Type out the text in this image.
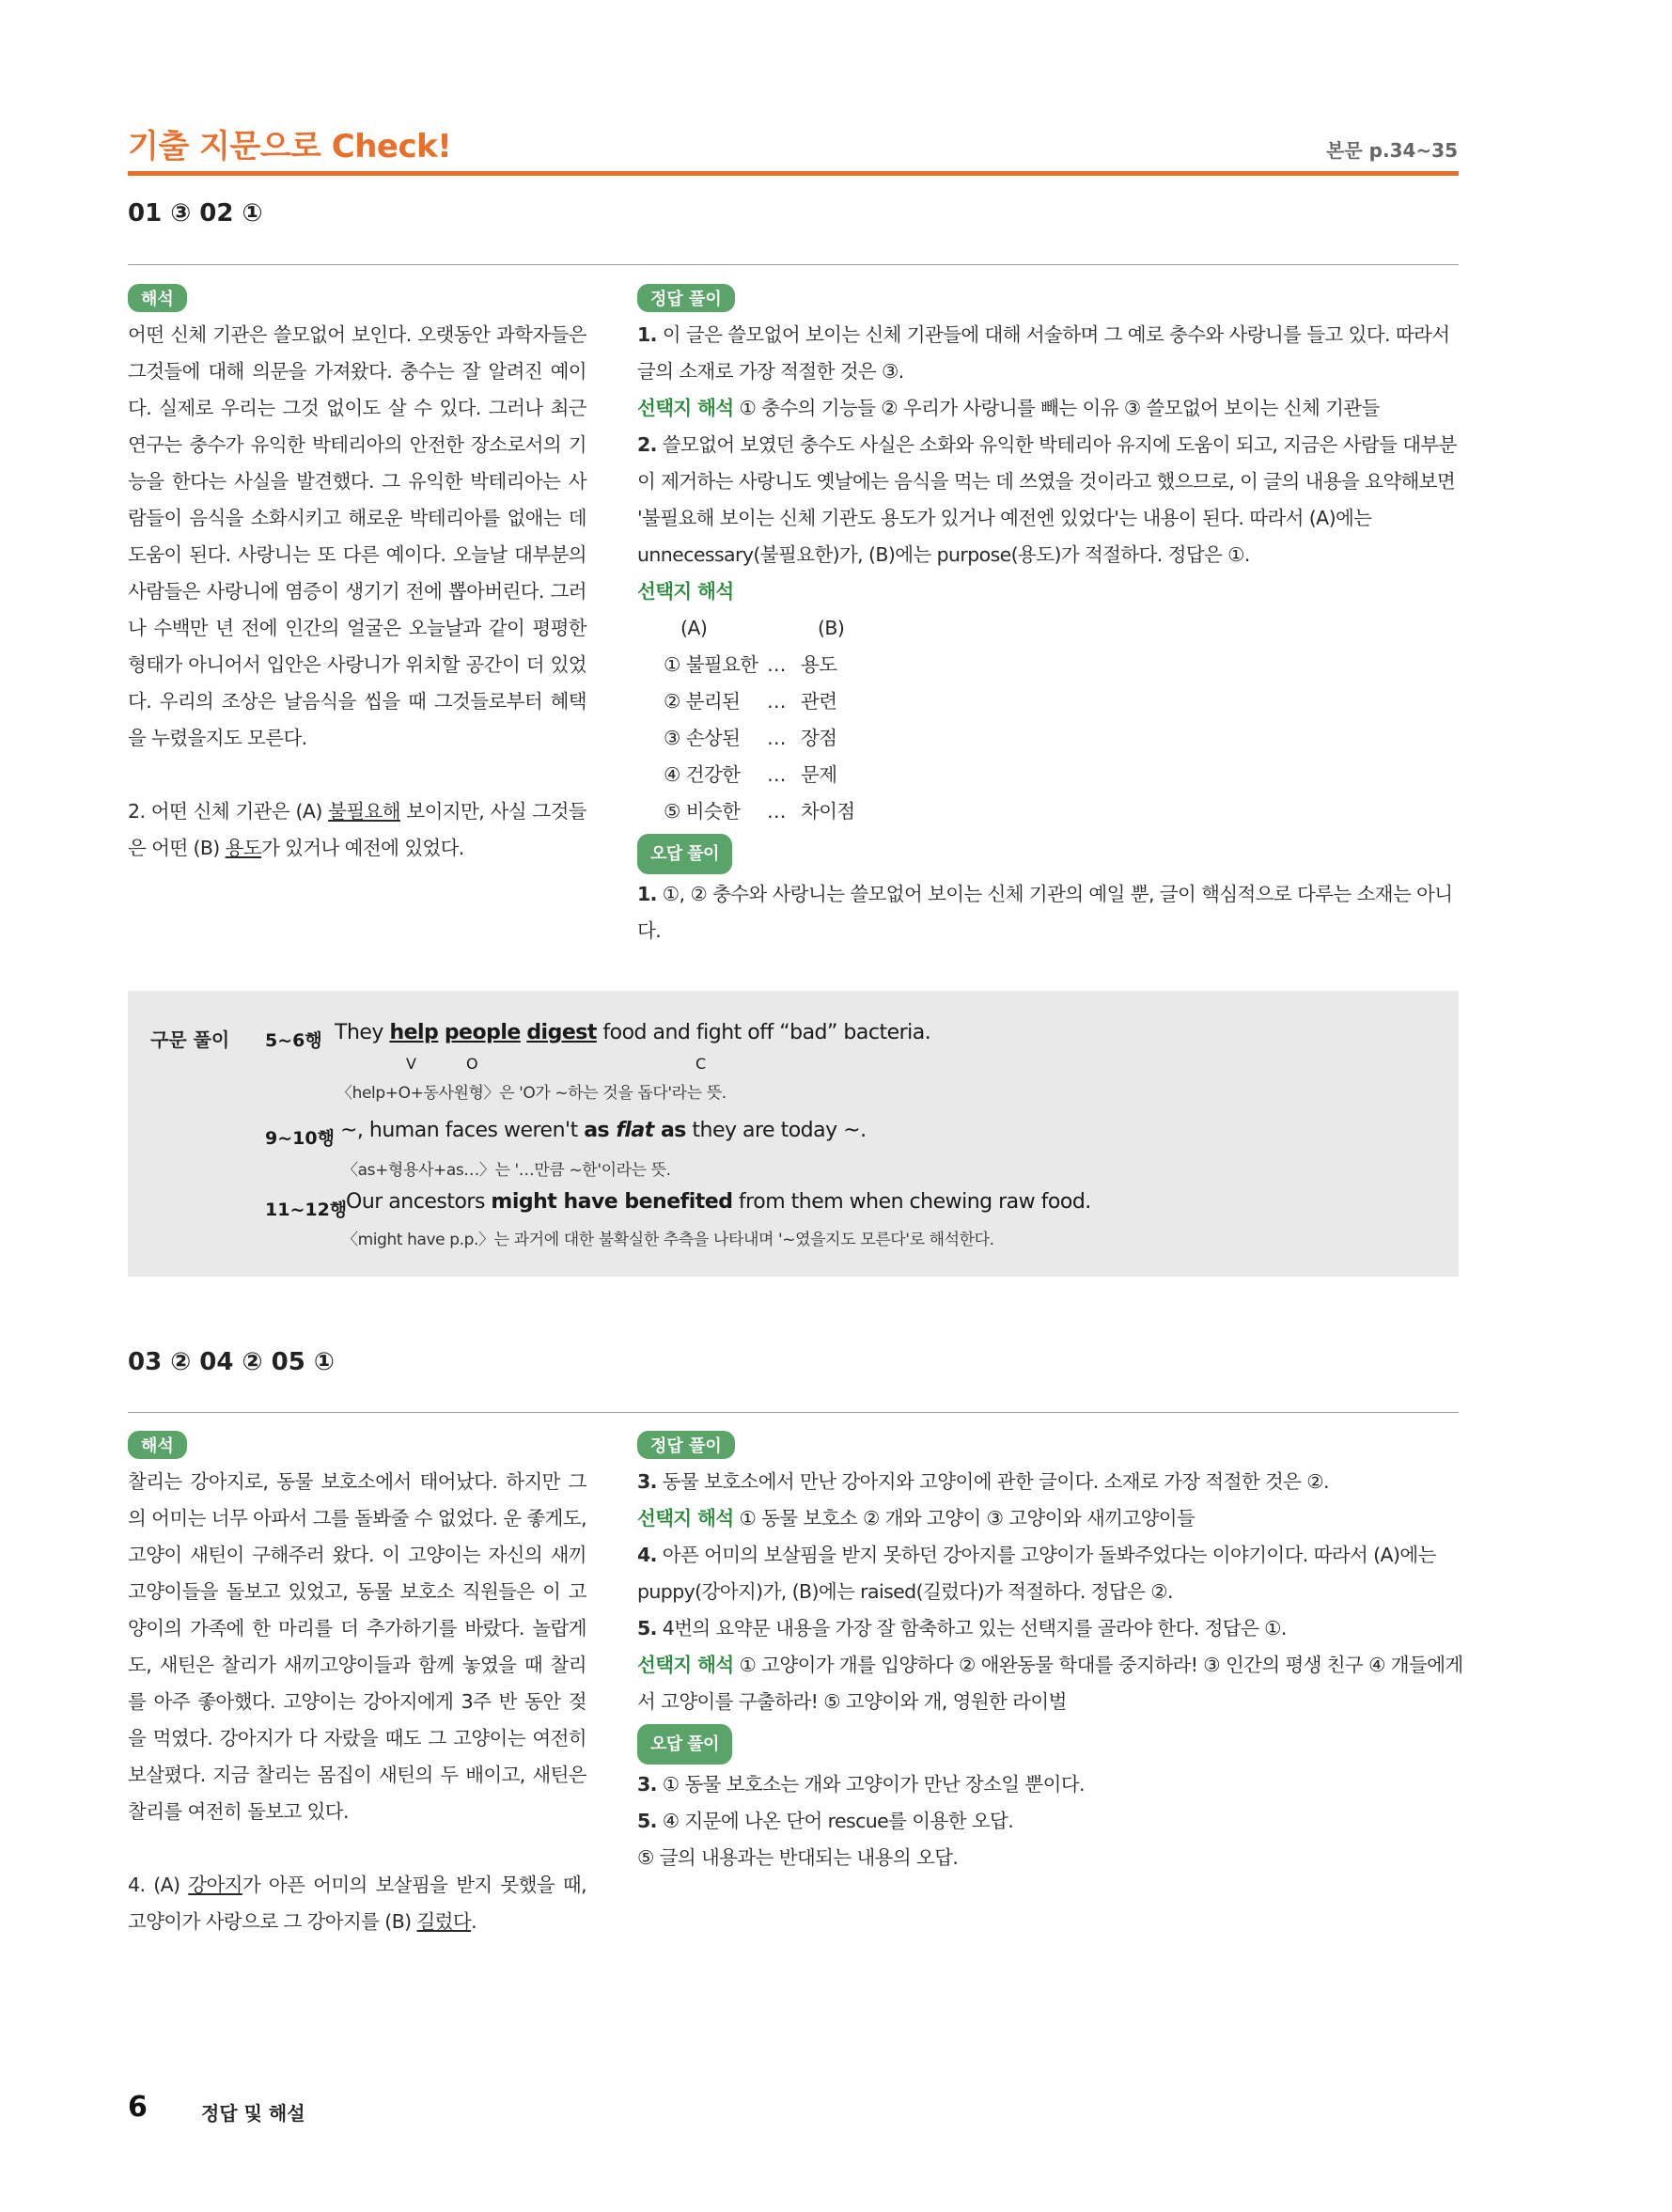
기출 지문으로 Check!	본문 p.34~35
01 ③ 02 ①
해석

어떤 신체 기관은 쓸모없어 보인다. 오랫동안 과학자들은 그것들에 대해 의문을 가져왔다. 충수는 잘 알려진 예이다. 실제로 우리는 그것 없이도 살 수 있다. 그러나 최근 연구는 충수가 유익한 박테리아의 안전한 장소로서의 기능을 한다는 사실을 발견했다. 그 유익한 박테리아는 사람들이 음식을 소화시키고 해로운 박테리아를 없애는 데 도움이 된다. 사랑니는 또 다른 예이다. 오늘날 대부분의 사람들은 사랑니에 염증이 생기기 전에 뽑아버린다. 그러나 수백만 년 전에 인간의 얼굴은 오늘날과 같이 평평한 형태가 아니어서 입안은 사랑니가 위치할 공간이 더 있었다. 우리의 조상은 날음식을 씹을 때 그것들로부터 혜택을 누렸을지도 모른다.

2. 어떤 신체 기관은 (A) 불필요해 보이지만, 사실 그것들은 어떤 (B) 용도가 있거나 예전에 있었다.

정답 풀이

1. 이 글은 쓸모없어 보이는 신체 기관들에 대해 서술하며 그 예로 충수와 사랑니를 들고 있다. 따라서 글의 소재로 가장 적절한 것은 ③.

선택지 해석 ① 충수의 기능들 ② 우리가 사랑니를 빼는 이유 ③ 쓸모없어 보이는 신체 기관들

2. 쓸모없어 보였던 충수도 사실은 소화와 유익한 박테리아 유지에 도움이 되고, 지금은 사람들 대부분이 제거하는 사랑니도 옛날에는 음식을 먹는 데 쓰였을 것이라고 했으므로, 이 글의 내용을 요약해보면 '불필요해 보이는 신체 기관도 용도가 있거나 예전엔 있었다'는 내용이 된다. 따라서 (A)에는 unnecessary(불필요한)가, (B)에는 purpose(용도)가 적절하다. 정답은 ①.

선택지 해석

(A)	(B)
① 불필요한 … 용도
② 분리된	… 관련
③ 손상된	… 장점
④ 건강한	… 문제
⑤ 비슷한	… 차이점
오답 풀이

1. ①, ② 충수와 사랑니는 쓸모없어 보이는 신체 기관의 예일 뿐, 글이 핵심적으로 다루는 소재는 아니다.

구문 풀이 5~6행 They help people digest food and fight off “bad” bacteria.
V	O	C
〈help+O+동사원형〉은 'O가 ~하는 것을 돕다'라는 뜻.
9~10행 ~, human faces weren't as flat as they are today ~.
〈as+형용사+as…〉는 '…만큼 ~한'이라는 뜻.
11~12행
Our ancestors might have benefited from them when chewing raw food.
〈might have p.p.〉는 과거에 대한 불확실한 추측을 나타내며 '~였을지도 모른다'로 해석한다.
03 ② 04 ② 05 ①
해석

찰리는 강아지로, 동물 보호소에서 태어났다. 하지만 그의 어미는 너무 아파서 그를 돌봐줄 수 없었다. 운 좋게도, 고양이 새틴이 구해주러 왔다. 이 고양이는 자신의 새끼고양이들을 돌보고 있었고, 동물 보호소 직원들은 이 고양이의 가족에 한 마리를 더 추가하기를 바랐다. 놀랍게도, 새틴은 찰리가 새끼고양이들과 함께 놓였을 때 찰리를 아주 좋아했다. 고양이는 강아지에게 3주 반 동안 젖을 먹였다. 강아지가 다 자랐을 때도 그 고양이는 여전히 보살폈다. 지금 찰리는 몸집이 새틴의 두 배이고, 새틴은 찰리를 여전히 돌보고 있다.

4. (A) 강아지가 아픈 어미의 보살핌을 받지 못했을 때, 고양이가 사랑으로 그 강아지를 (B) 길렀다.

정답 풀이

3. 동물 보호소에서 만난 강아지와 고양이에 관한 글이다. 소재로 가장 적절한 것은 ②.

선택지 해석 ① 동물 보호소 ② 개와 고양이 ③ 고양이와 새끼고양이들

4. 아픈 어미의 보살핌을 받지 못하던 강아지를 고양이가 돌봐주었다는 이야기이다. 따라서 (A)에는 puppy(강아지)가, (B)에는 raised(길렀다)가 적절하다. 정답은 ②.

5. 4번의 요약문 내용을 가장 잘 함축하고 있는 선택지를 골라야 한다. 정답은 ①.

선택지 해석 ① 고양이가 개를 입양하다 ② 애완동물 학대를 중지하라! ③ 인간의 평생 친구 ④ 개들에게서 고양이를 구출하라! ⑤ 고양이와 개, 영원한 라이벌

오답 풀이

3. ① 동물 보호소는 개와 고양이가 만난 장소일 뿐이다.

5. ④ 지문에 나온 단어 rescue를 이용한 오답.

⑤ 글의 내용과는 반대되는 내용의 오답.

6	정답 및 해설
